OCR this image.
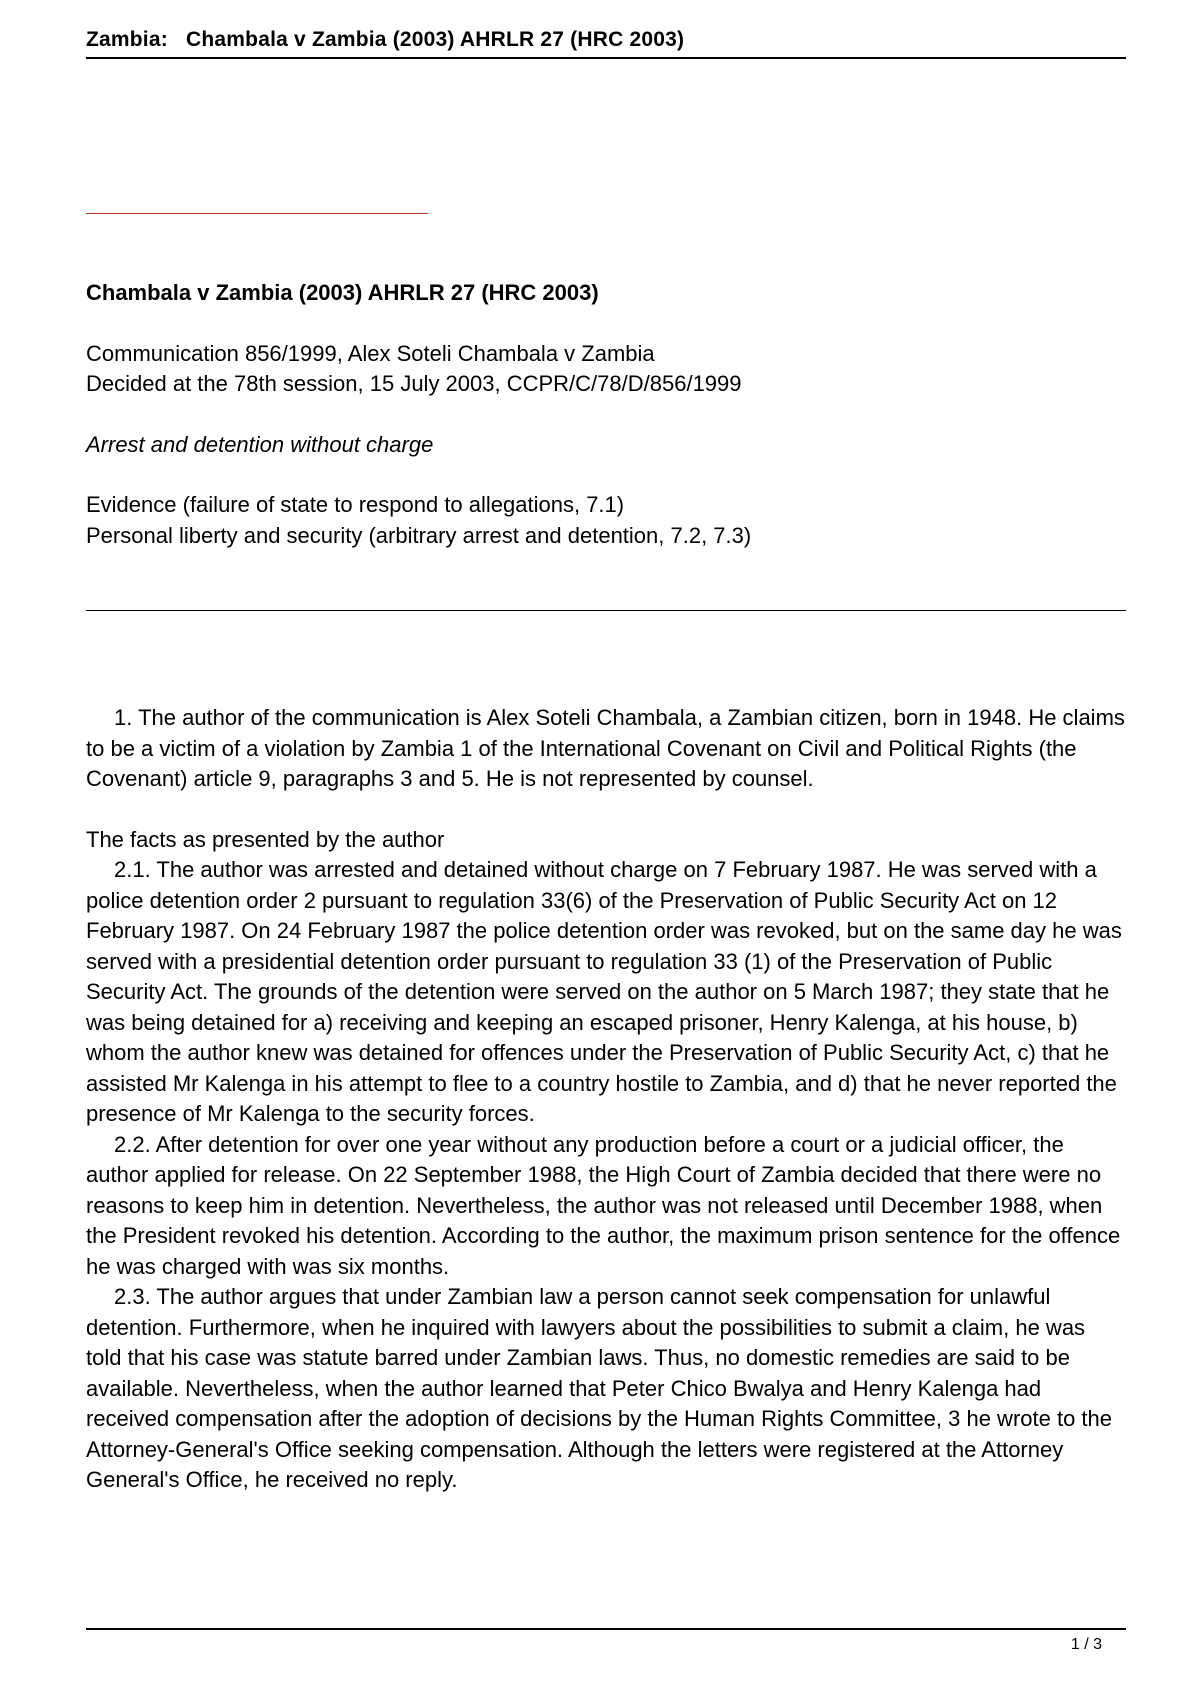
Zambia: Chambala v Zambia (2003) AHRLR 27 (HRC 2003)

Chambala v Zambia (2003) AHRLR 27 (HRC 2003)

Communication 856/1999, Alex Soteli Chambala v Zambia
Decided at the 78th session, 15 July 2003, CCPR/C/78/D/856/1999
Arrest and detention without charge
Evidence (failure of state to respond to allegations, 7.1)
Personal liberty and security (arbitrary arrest and detention, 7.2, 7.3)

1. The author of the communication is Alex Soteli Chambala, a Zambian citizen, born in 1948. He claims to be a victim of a violation by Zambia 1 of the International Covenant on Civil and Political Rights (the Covenant) article 9, paragraphs 3 and 5. He is not represented by counsel.

The facts as presented by the author

2.1. The author was arrested and detained without charge on 7 February 1987. He was served with a police detention order 2 pursuant to regulation 33(6) of the Preservation of Public Security Act on 12 February 1987. On 24 February 1987 the police detention order was revoked, but on the same day he was served with a presidential detention order pursuant to regulation 33 (1) of the Preservation of Public Security Act. The grounds of the detention were served on the author on 5 March 1987; they state that he was being detained for a) receiving and keeping an escaped prisoner, Henry Kalenga, at his house, b) whom the author knew was detained for offences under the Preservation of Public Security Act, c) that he assisted Mr Kalenga in his attempt to flee to a country hostile to Zambia, and d) that he never reported the presence of Mr Kalenga to the security forces.

2.2. After detention for over one year without any production before a court or a judicial officer, the author applied for release. On 22 September 1988, the High Court of Zambia decided that there were no reasons to keep him in detention. Nevertheless, the author was not released until December 1988, when the President revoked his detention. According to the author, the maximum prison sentence for the offence he was charged with was six months.

2.3. The author argues that under Zambian law a person cannot seek compensation for unlawful detention. Furthermore, when he inquired with lawyers about the possibilities to submit a claim, he was told that his case was statute barred under Zambian laws. Thus, no domestic remedies are said to be available. Nevertheless, when the author learned that Peter Chico Bwalya and Henry Kalenga had received compensation after the adoption of decisions by the Human Rights Committee, 3 he wrote to the Attorney-General's Office seeking compensation. Although the letters were registered at the Attorney General's Office, he received no reply.

1 / 3
